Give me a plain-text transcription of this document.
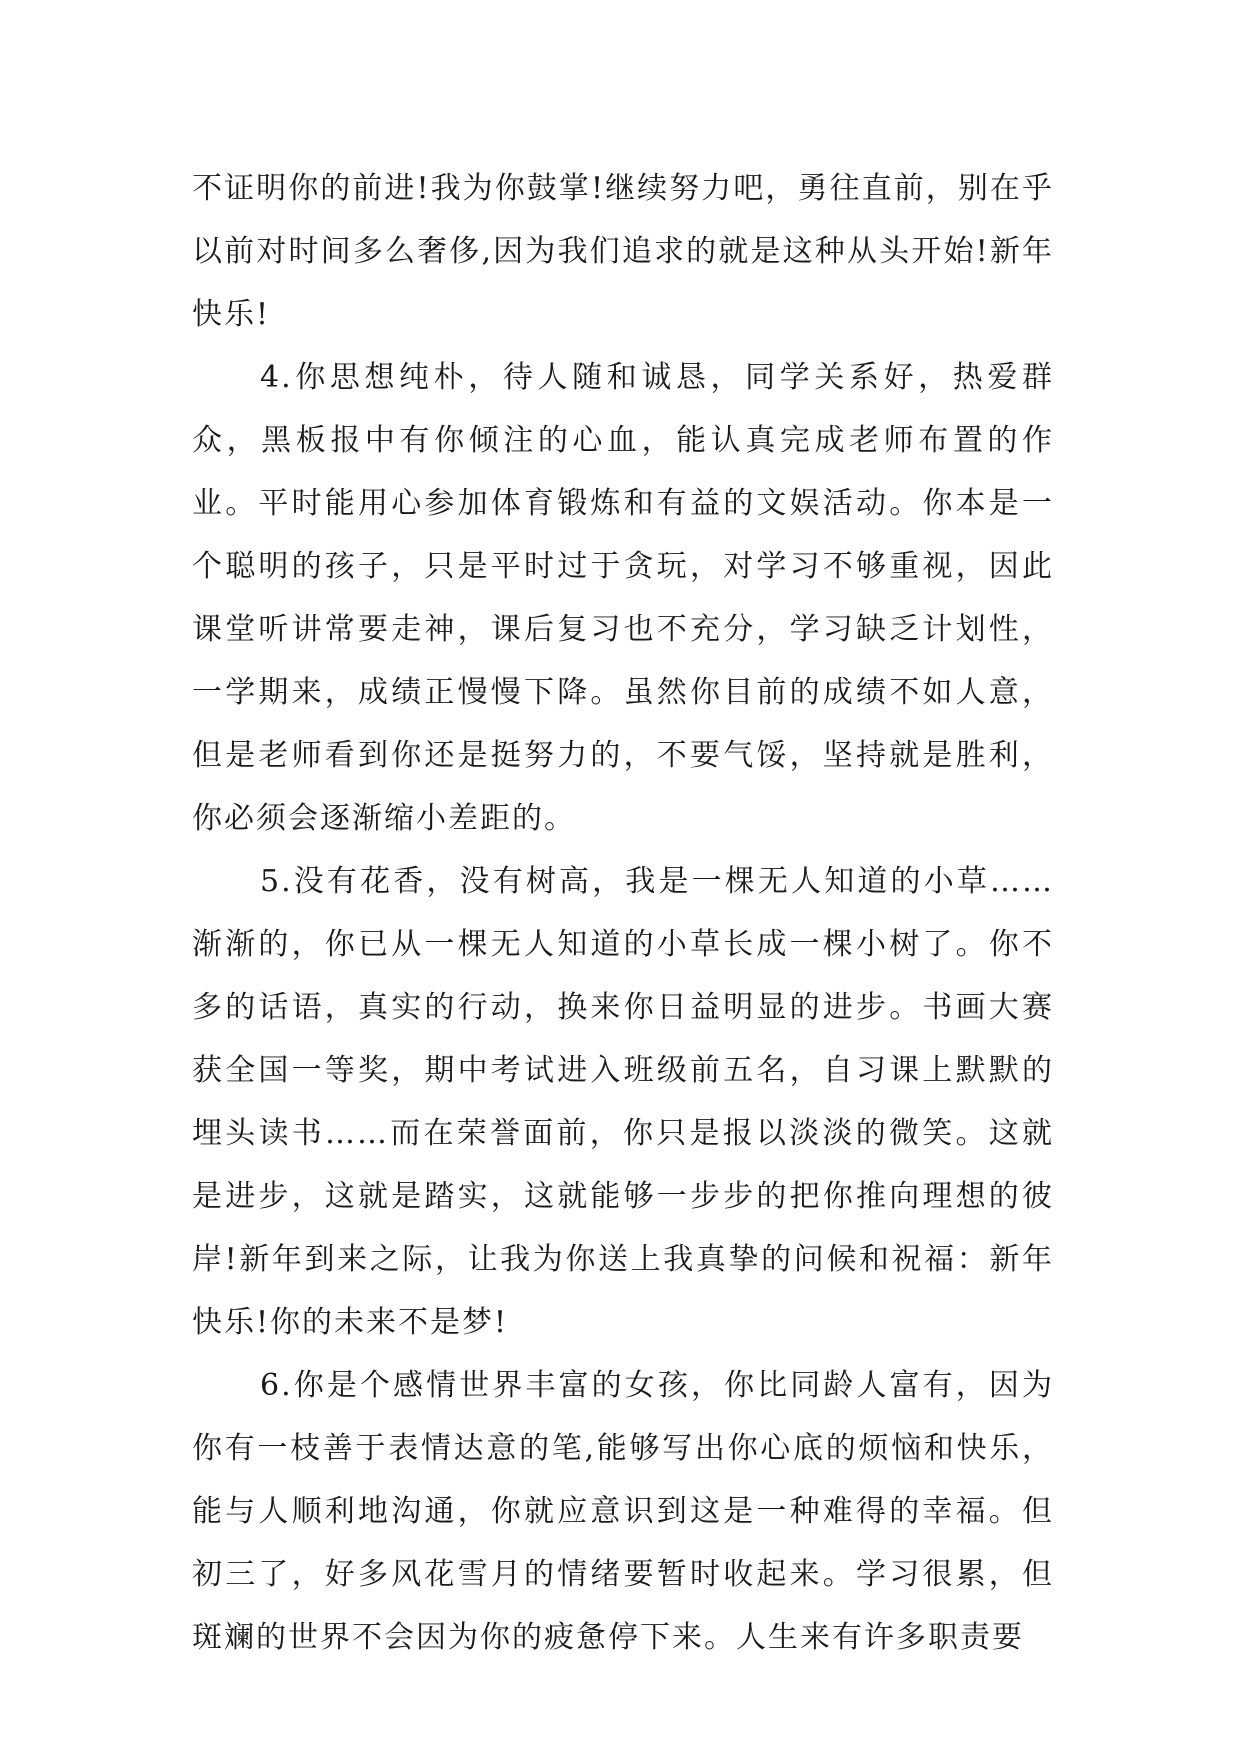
不证明你的前进!我为你鼓掌!继续努力吧，勇往直前，别在乎以前对时间多么奢侈,因为我们追求的就是这种从头开始!新年快乐!

4.你思想纯朴，待人随和诚恳，同学关系好，热爱群众，黑板报中有你倾注的心血，能认真完成老师布置的作业。平时能用心参加体育锻炼和有益的文娱活动。你本是一个聪明的孩子，只是平时过于贪玩，对学习不够重视，因此课堂听讲常要走神，课后复习也不充分，学习缺乏计划性，一学期来，成绩正慢慢下降。虽然你目前的成绩不如人意，但是老师看到你还是挺努力的，不要气馁，坚持就是胜利，你必须会逐渐缩小差距的。

5.没有花香，没有树高，我是一棵无人知道的小草……渐渐的，你已从一棵无人知道的小草长成一棵小树了。你不多的话语，真实的行动，换来你日益明显的进步。书画大赛获全国一等奖，期中考试进入班级前五名，自习课上默默的埋头读书……而在荣誉面前，你只是报以淡淡的微笑。这就是进步，这就是踏实，这就能够一步步的把你推向理想的彼岸!新年到来之际，让我为你送上我真挚的问候和祝福：新年快乐!你的未来不是梦!

6.你是个感情世界丰富的女孩，你比同龄人富有，因为你有一枝善于表情达意的笔,能够写出你心底的烦恼和快乐，能与人顺利地沟通，你就应意识到这是一种难得的幸福。但初三了，好多风花雪月的情绪要暂时收起来。学习很累，但斑斓的世界不会因为你的疲惫停下来。人生来有许多职责要
